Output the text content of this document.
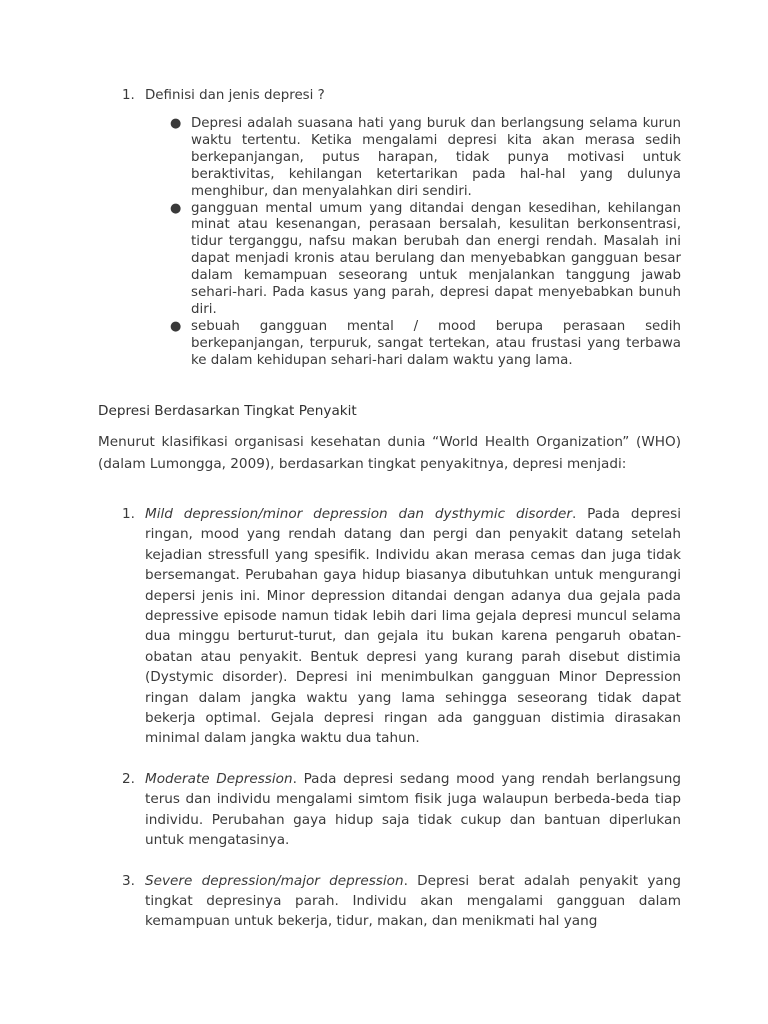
1. Definisi dan jenis depresi ?
● Depresi adalah suasana hati yang buruk dan berlangsung selama kurun waktu tertentu. Ketika mengalami depresi kita akan merasa sedih berkepanjangan, putus harapan, tidak punya motivasi untuk beraktivitas, kehilangan ketertarikan pada hal-hal yang dulunya menghibur, dan menyalahkan diri sendiri.
● gangguan mental umum yang ditandai dengan kesedihan, kehilangan minat atau kesenangan, perasaan bersalah, kesulitan berkonsentrasi, tidur terganggu, nafsu makan berubah dan energi rendah. Masalah ini dapat menjadi kronis atau berulang dan menyebabkan gangguan besar dalam kemampuan seseorang untuk menjalankan tanggung jawab sehari-hari. Pada kasus yang parah, depresi dapat menyebabkan bunuh diri.
● sebuah gangguan mental / mood berupa perasaan sedih berkepanjangan, terpuruk, sangat tertekan, atau frustasi yang terbawa ke dalam kehidupan sehari-hari dalam waktu yang lama.
Depresi Berdasarkan Tingkat Penyakit

Menurut klasifikasi organisasi kesehatan dunia “World Health Organization” (WHO) (dalam Lumongga, 2009), berdasarkan tingkat penyakitnya, depresi menjadi:

1. Mild depression/minor depression dan dysthymic disorder. Pada depresi ringan, mood yang rendah datang dan pergi dan penyakit datang setelah kejadian stressfull yang spesifik. Individu akan merasa cemas dan juga tidak bersemangat. Perubahan gaya hidup biasanya dibutuhkan untuk mengurangi depersi jenis ini. Minor depression ditandai dengan adanya dua gejala pada depressive episode namun tidak lebih dari lima gejala depresi muncul selama dua minggu berturut-turut, dan gejala itu bukan karena pengaruh obatan-obatan atau penyakit. Bentuk depresi yang kurang parah disebut distimia (Dystymic disorder). Depresi ini menimbulkan gangguan Minor Depression ringan dalam jangka waktu yang lama sehingga seseorang tidak dapat bekerja optimal. Gejala depresi ringan ada gangguan distimia dirasakan minimal dalam jangka waktu dua tahun.
2. Moderate Depression. Pada depresi sedang mood yang rendah berlangsung terus dan individu mengalami simtom fisik juga walaupun berbeda-beda tiap individu. Perubahan gaya hidup saja tidak cukup dan bantuan diperlukan untuk mengatasinya.
3. Severe depression/major depression. Depresi berat adalah penyakit yang tingkat depresinya parah. Individu akan mengalami gangguan dalam kemampuan untuk bekerja, tidur, makan, dan menikmati hal yang
